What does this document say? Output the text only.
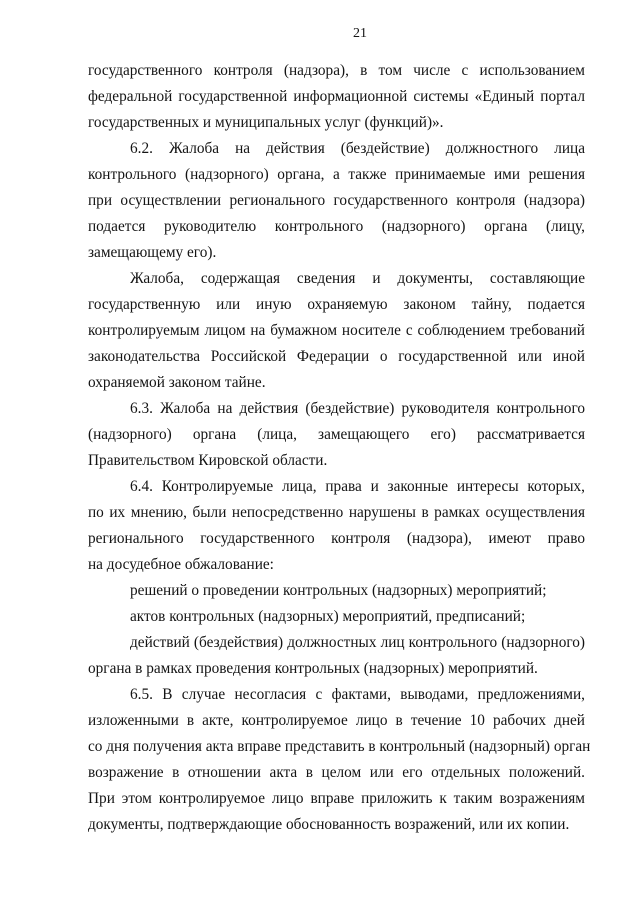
21
государственного контроля (надзора), в том числе с использованием
федеральной государственной информационной системы «Единый портал
государственных и муниципальных услуг (функций)».
6.2. Жалоба на действия (бездействие) должностного лица
контрольного (надзорного) органа, а также принимаемые ими решения
при осуществлении регионального государственного контроля (надзора)
подается руководителю контрольного (надзорного) органа (лицу,
замещающему его).
Жалоба, содержащая сведения и документы, составляющие
государственную или иную охраняемую законом тайну, подается
контролируемым лицом на бумажном носителе с соблюдением требований
законодательства Российской Федерации о государственной или иной
охраняемой законом тайне.
6.3. Жалоба на действия (бездействие) руководителя контрольного
(надзорного) органа (лица, замещающего его) рассматривается
Правительством Кировской области.
6.4. Контролируемые лица, права и законные интересы которых,
по их мнению, были непосредственно нарушены в рамках осуществления
регионального государственного контроля (надзора), имеют право
на досудебное обжалование:
решений о проведении контрольных (надзорных) мероприятий;
актов контрольных (надзорных) мероприятий, предписаний;
действий (бездействия) должностных лиц контрольного (надзорного)
органа в рамках проведения контрольных (надзорных) мероприятий.
6.5. В случае несогласия с фактами, выводами, предложениями,
изложенными в акте, контролируемое лицо в течение 10 рабочих дней
со дня получения акта вправе представить в контрольный (надзорный) орган
возражение в отношении акта в целом или его отдельных положений.
При этом контролируемое лицо вправе приложить к таким возражениям
документы, подтверждающие обоснованность возражений, или их копии.
